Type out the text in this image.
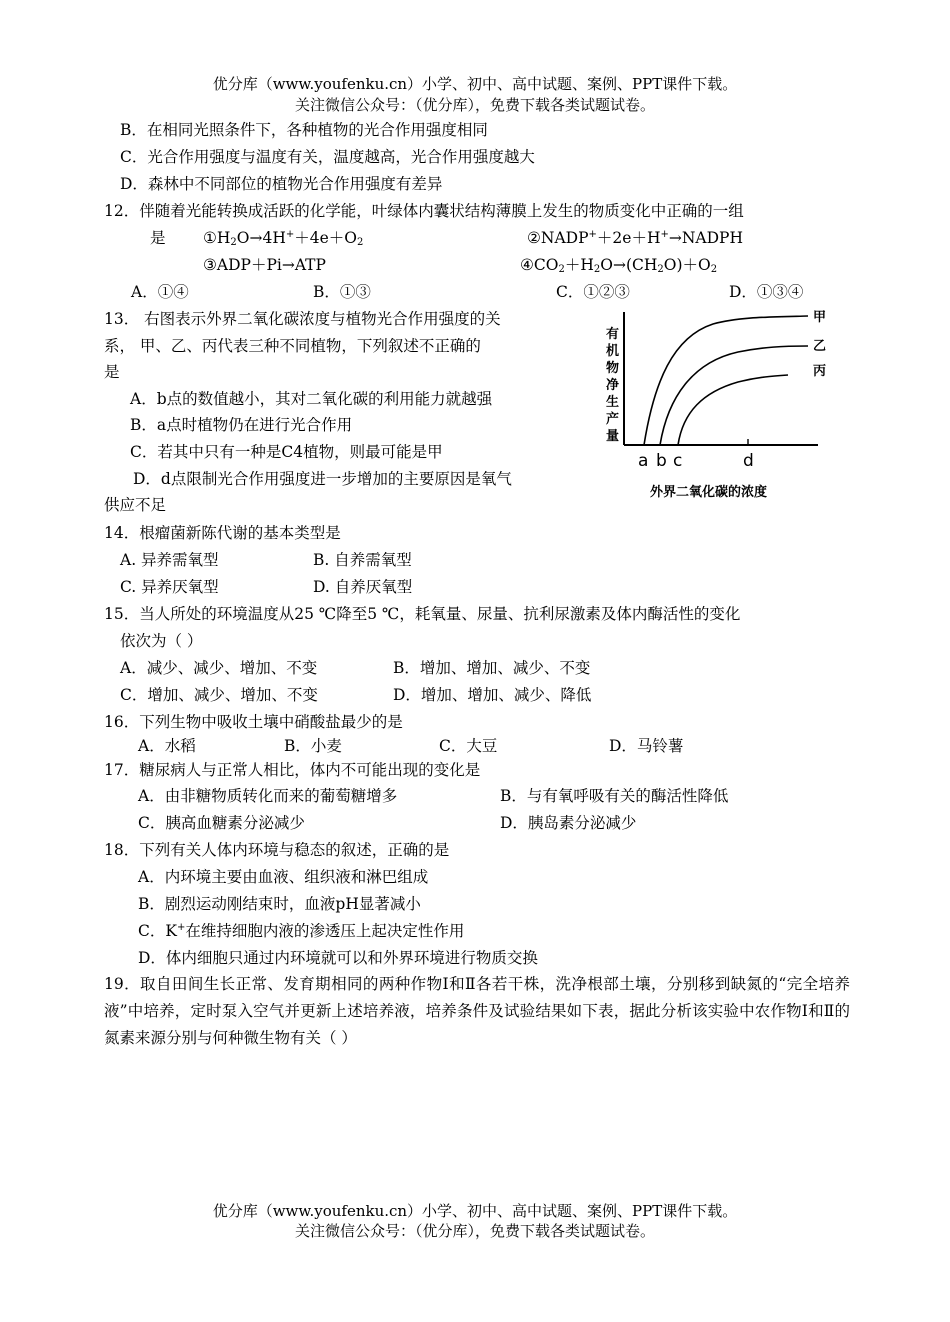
优分库（www.youfenku.cn）小学、初中、高中试题、案例、PPT课件下载。
关注微信公众号：（优分库），免费下载各类试题试卷。
B．在相同光照条件下，各种植物的光合作用强度相同
C．光合作用强度与温度有关，温度越高，光合作用强度越大
D．森林中不同部位的植物光合作用强度有差异
12．伴随着光能转换成活跃的化学能，叶绿体内囊状结构薄膜上发生的物质变化中正确的一组
是 $①H_2O\to 4H^++4e+O_2$	②NADP+＋2e＋H+→NADPH
③ADP＋Pi→ATP	$④CO_2+H_2O\to(CH_2O)+O_2$
A．①④	B．①③	C．①②③	D．①③④
13． 右图表示外界二氧化碳浓度与植物光合作用强度的关
系， 甲、乙、丙代表三种不同植物，下列叙述不正确的
是
A．b点的数值越小，其对二氧化碳的利用能力就越强
B．a点时植物仍在进行光合作用
C．若其中只有一种是C4植物，则最可能是甲
D．d点限制光合作用强度进一步增加的主要原因是氧气
供应不足
有
机
物
净
生
产
量
甲
乙
丙
a b c	d
外界二氧化碳的浓度
14．根瘤菌新陈代谢的基本类型是
A. 异养需氧型	B. 自养需氧型
C. 异养厌氧型	D. 自养厌氧型
15．当人所处的环境温度从25 ℃降至5 ℃，耗氧量、尿量、抗利尿激素及体内酶活性的变化
依次为（ ）
A．减少、减少、增加、不变	B．增加、增加、减少、不变
C．增加、减少、增加、不变	D．增加、增加、减少、降低
16．下列生物中吸收土壤中硝酸盐最少的是
A．水稻	B．小麦	C．大豆	D．马铃薯
17．糖尿病人与正常人相比，体内不可能出现的变化是
A．由非糖物质转化而来的葡萄糖增多	B．与有氧呼吸有关的酶活性降低
C．胰高血糖素分泌减少	D．胰岛素分泌减少
18．下列有关人体内环境与稳态的叙述，正确的是
A．内环境主要由血液、组织液和淋巴组成
B．剧烈运动刚结束时，血液pH显著减小
C．K+在维持细胞内液的渗透压上起决定性作用
D．体内细胞只通过内环境就可以和外界环境进行物质交换
19．取自田间生长正常、发育期相同的两种作物Ⅰ和Ⅱ各若干株，洗净根部土壤，分别移到缺氮的“完全培养液”中培养，定时泵入空气并更新上述培养液，培养条件及试验结果如下表，据此分析该实验中农作物Ⅰ和Ⅱ的氮素来源分别与何种微生物有关（ ）
优分库（www.youfenku.cn）小学、初中、高中试题、案例、PPT课件下载。
关注微信公众号：（优分库），免费下载各类试题试卷。
